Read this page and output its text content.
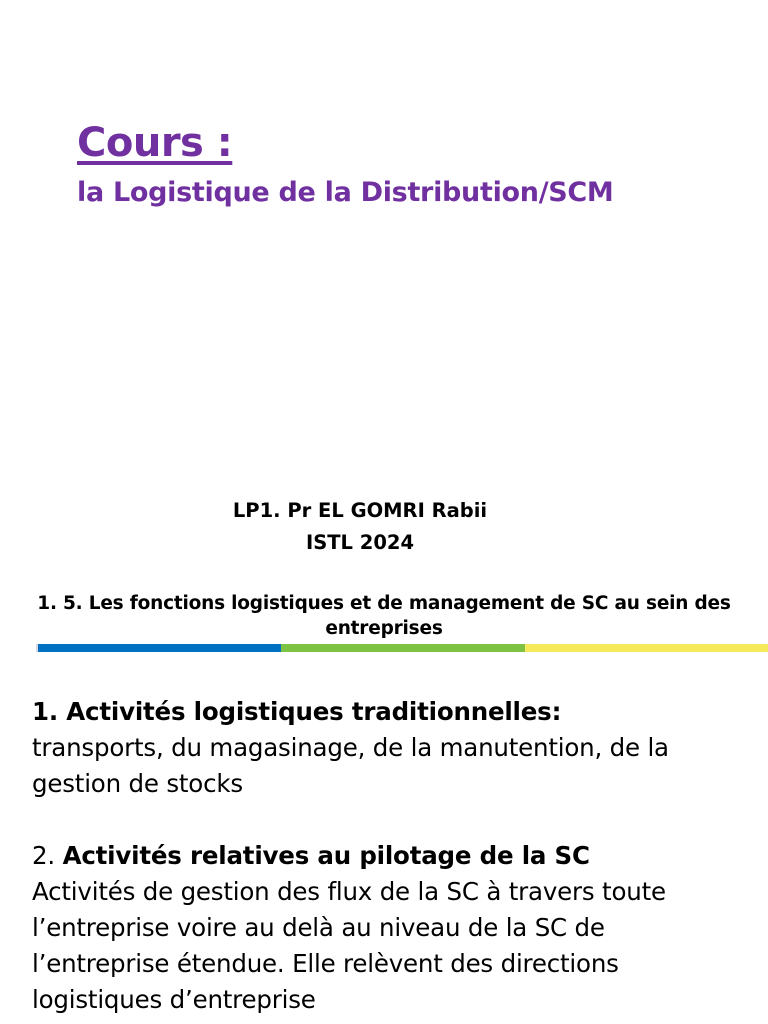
Cours :
la Logistique de la Distribution/SCM
LP1. Pr EL GOMRI Rabii
ISTL 2024
1. 5. Les fonctions logistiques et de management de SC au sein des entreprises

1. Activités logistiques traditionnelles:

transports, du magasinage, de la manutention, de la

gestion de stocks

2. Activités relatives au pilotage de la SC

Activités de gestion des flux de la SC à travers toute

l’entreprise voire au delà au niveau de la SC de

l’entreprise étendue. Elle relèvent des directions

logistiques d’entreprise
